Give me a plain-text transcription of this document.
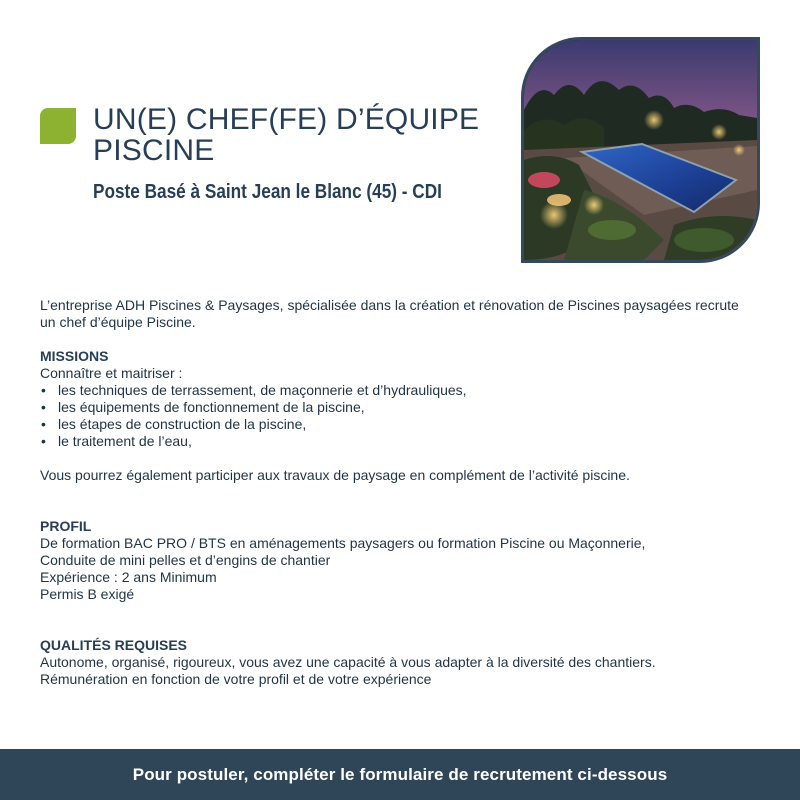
UN(E) CHEF(FE) D’ÉQUIPE PISCINE
Poste Basé à Saint Jean le Blanc (45) - CDI

L’entreprise ADH Piscines & Paysages, spécialisée dans la création et rénovation de Piscines paysagées recrute un chef d’équipe Piscine.

MISSIONS

Connaître et maitriser :

• les techniques de terrassement, de maçonnerie et d’hydrauliques,
• les équipements de fonctionnement de la piscine,
• les étapes de construction de la piscine,
• le traitement de l’eau,

Vous pourrez également participer aux travaux de paysage en complément de l’activité piscine.

PROFIL

De formation BAC PRO / BTS en aménagements paysagers ou formation Piscine ou Maçonnerie,

Conduite de mini pelles et d’engins de chantier

Expérience : 2 ans Minimum

Permis B exigé

QUALITÉS REQUISES

Autonome, organisé, rigoureux, vous avez une capacité à vous adapter à la diversité des chantiers.

Rémunération en fonction de votre profil et de votre expérience

Pour postuler, compléter le formulaire de recrutement ci-dessous
